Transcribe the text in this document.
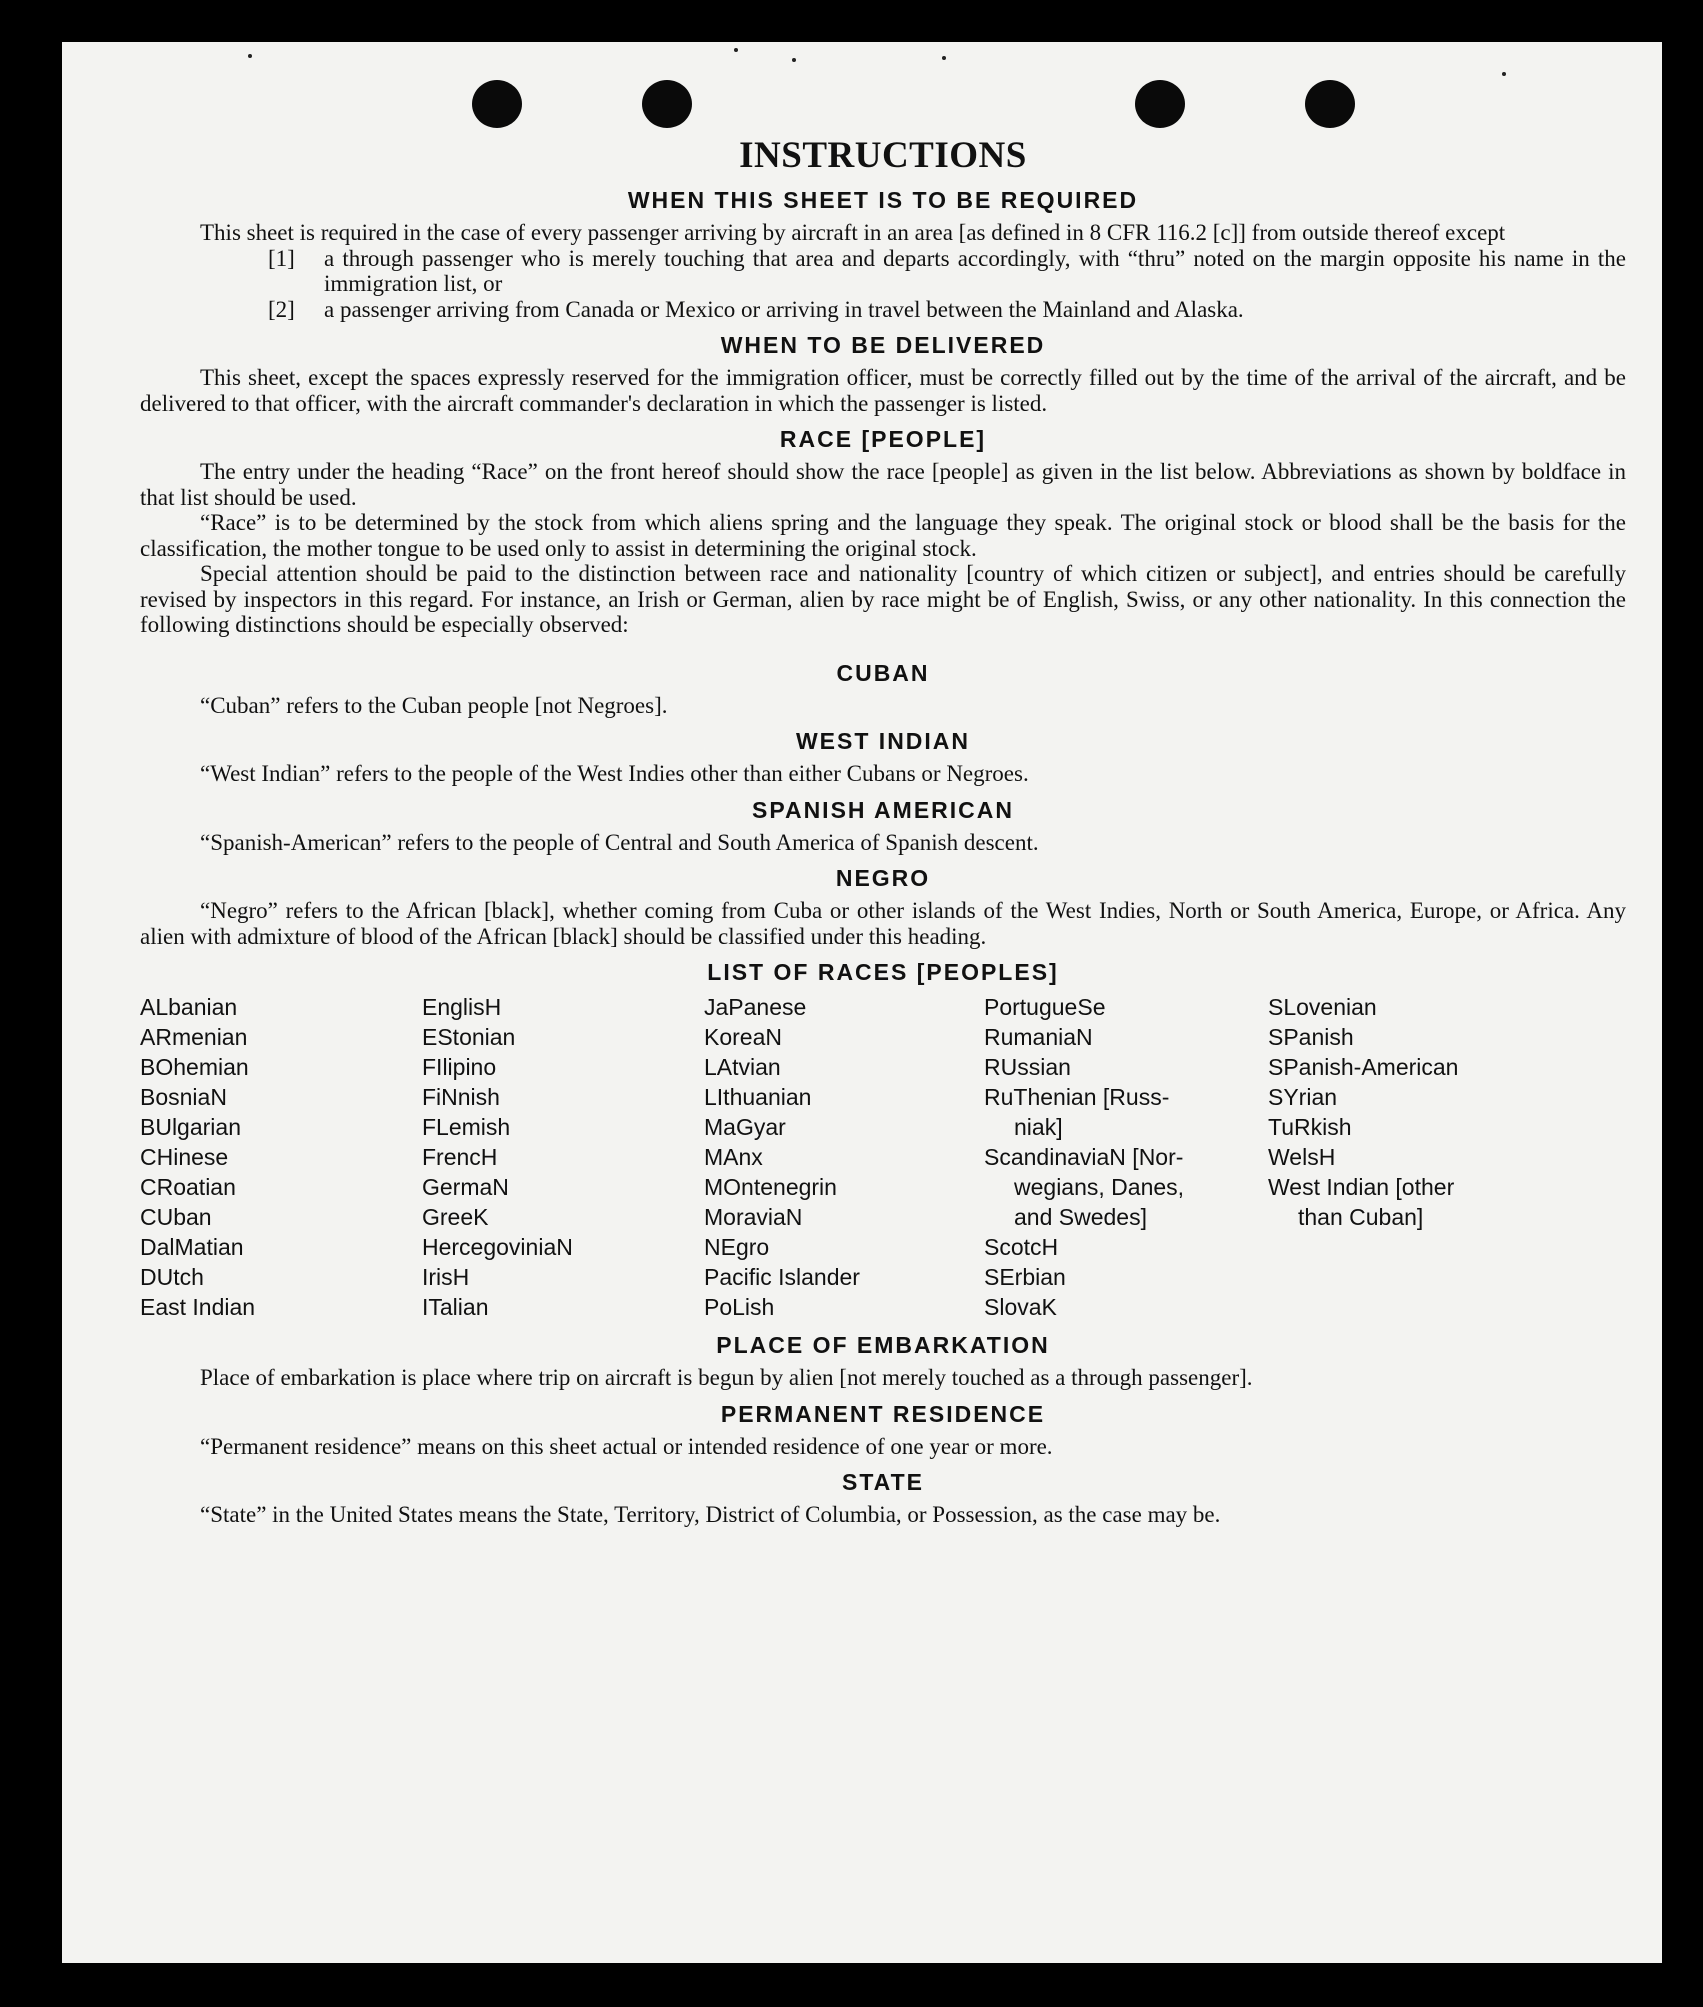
INSTRUCTIONS
WHEN THIS SHEET IS TO BE REQUIRED

This sheet is required in the case of every passenger arriving by aircraft in an area [as defined in 8 CFR 116.2 [c]] from outside thereof except

[1]	a through passenger who is merely touching that area and departs accordingly, with “thru” noted on the margin opposite his name in the immigration list, or
[2]	a passenger arriving from Canada or Mexico or arriving in travel between the Mainland and Alaska.
WHEN TO BE DELIVERED

This sheet, except the spaces expressly reserved for the immigration officer, must be correctly filled out by the time of the arrival of the aircraft, and be delivered to that officer, with the aircraft commander's declaration in which the passenger is listed.

RACE [PEOPLE]

The entry under the heading “Race” on the front hereof should show the race [people] as given in the list below. Abbreviations as shown by boldface in that list should be used.

“Race” is to be determined by the stock from which aliens spring and the language they speak. The original stock or blood shall be the basis for the classification, the mother tongue to be used only to assist in determining the original stock.

Special attention should be paid to the distinction between race and nationality [country of which citizen or subject], and entries should be carefully revised by inspectors in this regard. For instance, an Irish or German, alien by race might be of English, Swiss, or any other nationality. In this connection the following distinctions should be especially observed:

CUBAN

“Cuban” refers to the Cuban people [not Negroes].

WEST INDIAN

“West Indian” refers to the people of the West Indies other than either Cubans or Negroes.

SPANISH AMERICAN

“Spanish-American” refers to the people of Central and South America of Spanish descent.

NEGRO

“Negro” refers to the African [black], whether coming from Cuba or other islands of the West Indies, North or South America, Europe, or Africa. Any alien with admixture of blood of the African [black] should be classified under this heading.

LIST OF RACES [PEOPLES]
ALbanian
ARmenian
BOhemian
BosniaN
BUlgarian
CHinese
CRoatian
CUban
DalMatian
DUtch
East Indian
EnglisH
EStonian
FIlipino
FiNnish
FLemish
FrencH
GermaN
GreeK
HercegoviniaN
IrisH
ITalian
JaPanese
KoreaN
LAtvian
LIthuanian
MaGyar
MAnx
MOntenegrin
MoraviaN
NEgro
Pacific Islander
PoLish
PortugueSe
RumaniaN
RUssian
RuThenian [Russ-
niak]
ScandinaviaN [Nor-
wegians, Danes,
and Swedes]
ScotcH
SErbian
SlovaK
SLovenian
SPanish
SPanish-American
SYrian
TuRkish
WelsH
West Indian [other
than Cuban]
PLACE OF EMBARKATION

Place of embarkation is place where trip on aircraft is begun by alien [not merely touched as a through passenger].

PERMANENT RESIDENCE

“Permanent residence” means on this sheet actual or intended residence of one year or more.

STATE

“State” in the United States means the State, Territory, District of Columbia, or Possession, as the case may be.
